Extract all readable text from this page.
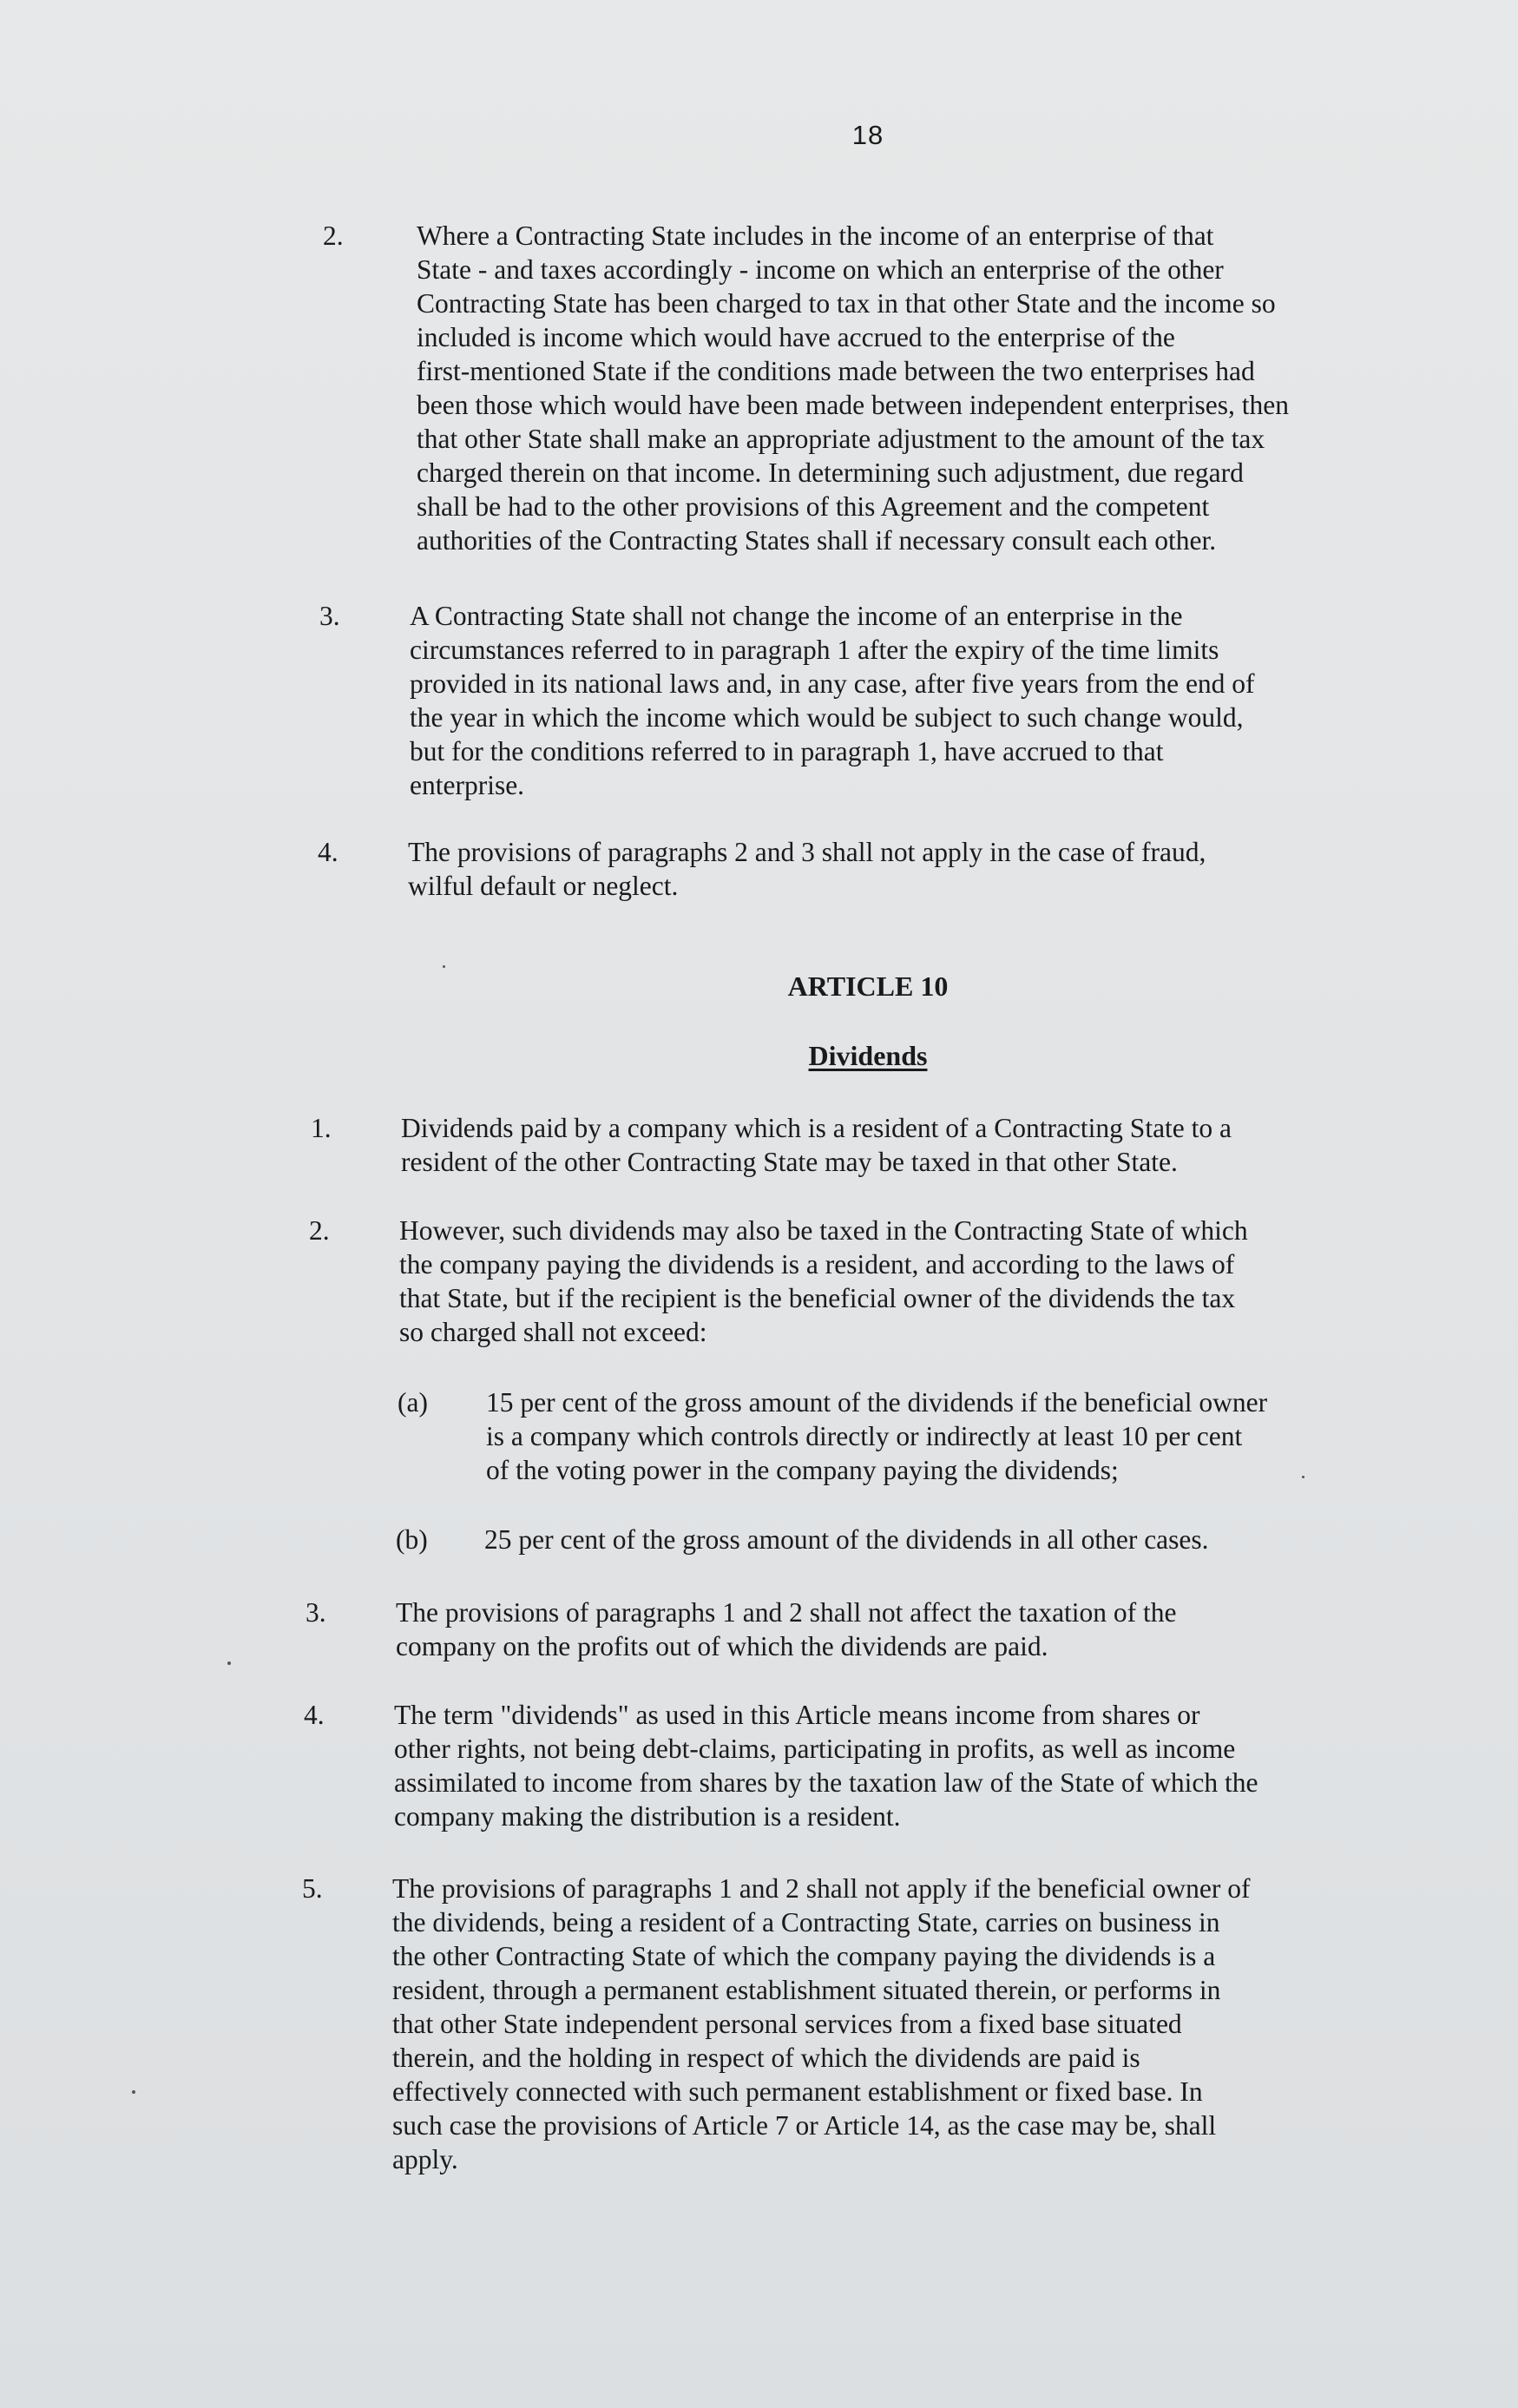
18
2.	Where a Contracting State includes in the income of an enterprise of that
State - and taxes accordingly - income on which an enterprise of the other
Contracting State has been charged to tax in that other State and the income so
included is income which would have accrued to the enterprise of the
first-mentioned State if the conditions made between the two enterprises had
been those which would have been made between independent enterprises, then
that other State shall make an appropriate adjustment to the amount of the tax
charged therein on that income. In determining such adjustment, due regard
shall be had to the other provisions of this Agreement and the competent
authorities of the Contracting States shall if necessary consult each other.
3.	A Contracting State shall not change the income of an enterprise in the
circumstances referred to in paragraph 1 after the expiry of the time limits
provided in its national laws and, in any case, after five years from the end of
the year in which the income which would be subject to such change would,
but for the conditions referred to in paragraph 1, have accrued to that
enterprise.
4.	The provisions of paragraphs 2 and 3 shall not apply in the case of fraud,
wilful default or neglect.
ARTICLE 10
Dividends
1.	Dividends paid by a company which is a resident of a Contracting State to a
resident of the other Contracting State may be taxed in that other State.
2.	However, such dividends may also be taxed in the Contracting State of which
the company paying the dividends is a resident, and according to the laws of
that State, but if the recipient is the beneficial owner of the dividends the tax
so charged shall not exceed:
(a) 15 per cent of the gross amount of the dividends if the beneficial owner
is a company which controls directly or indirectly at least 10 per cent
of the voting power in the company paying the dividends;
(b) 25 per cent of the gross amount of the dividends in all other cases.
3.	The provisions of paragraphs 1 and 2 shall not affect the taxation of the
company on the profits out of which the dividends are paid.
4.	The term "dividends" as used in this Article means income from shares or
other rights, not being debt-claims, participating in profits, as well as income
assimilated to income from shares by the taxation law of the State of which the
company making the distribution is a resident.
5.	The provisions of paragraphs 1 and 2 shall not apply if the beneficial owner of
the dividends, being a resident of a Contracting State, carries on business in
the other Contracting State of which the company paying the dividends is a
resident, through a permanent establishment situated therein, or performs in
that other State independent personal services from a fixed base situated
therein, and the holding in respect of which the dividends are paid is
effectively connected with such permanent establishment or fixed base. In
such case the provisions of Article 7 or Article 14, as the case may be, shall
apply.
